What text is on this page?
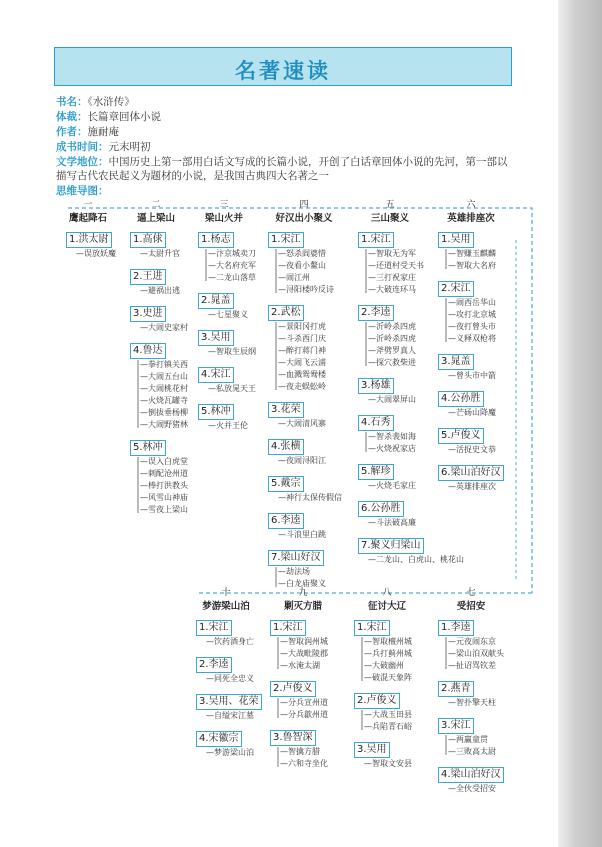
名著速读
书名：《水浒传》
体裁：长篇章回体小说
作者：施耐庵
成书时间：元末明初
文学地位：中国历史上第一部用白话文写成的长篇小说，开创了白话章回体小说的先河，第一部以描写古代农民起义为题材的小说，是我国古典四大名著之一
思维导图：
一
鹰起降石
1.洪太尉
—误放妖魔
二
逼上梁山
1.高俅
—太尉升官
2.王进
—避祸出逃
3.史进
—大闹史家村
4.鲁达
—拳打镇关西
—大闹五台山
—大闹桃花村
—火烧瓦罐寺
—倒拔垂杨柳
—大闹野猪林
5.林冲
—误入白虎堂
—刺配沧州道
—棒打洪教头
—风雪山神庙
—雪夜上梁山
三
梁山火并
1.杨志
—汴京城卖刀
—大名府充军
—二龙山落草
2.晁盖
—七星聚义
3.吴用
—智取生辰纲
4.宋江
—私放晁天王
5.林冲
—火并王伦
四
好汉出小聚义
1.宋江
—怒杀阎婆惜
—夜看小鳌山
—闹江州
—浔阳楼吟反诗
2.武松
—景阳冈打虎
—斗杀西门庆
—醉打蒋门神
—大闹飞云浦
—血溅鸳鸯楼
—夜走蜈蚣岭
3.花荣
—大闹清风寨
4.张横
—夜闹浔阳江
5.戴宗
—神行太保传假信
6.李逵
—斗浪里白跳
7.梁山好汉
—劫法场
—白龙庙聚义
五
三山聚义
1.宋江
—智取无为军
—还道村受天书
—三打祝家庄
—大破连环马
2.李逵
—沂岭杀四虎
—沂岭杀四虎
—斧劈罗真人
—探穴救柴进
3.杨雄
—大闹翠屏山
4.石秀
—智杀裴如海
—火烧祝家店
5.解珍
—火烧毛家庄
6.公孙胜
—斗法破高廉
7.聚义归梁山
—二龙山、白虎山、桃花山
六
英雄排座次
1.吴用
—智赚玉麒麟
—智取大名府
2.宋江
—闹西岳华山
—攻打北京城
—夜打曾头市
—义释双枪将
3.晁盖
—曾头市中箭
4.公孙胜
—芒砀山降魔
5.卢俊义
—活捉史文恭
6.梁山泊好汉
—英雄排座次
七
受招安
1.李逵
—元夜闹东京
—梁山泊双献头
—扯诏骂钦差
2.燕青
—智扑擎天柱
3.宋江
—两赢童贯
—三败高太尉
4.梁山泊好汉
—全伙受招安
八
征讨大辽
1.宋江
—智取檀州城
—兵打蓟州城
—大破幽州
—破混天象阵
2.卢俊义
—大战玉田县
—兵陷青石峪
3.吴用
—智取文安县
九
剿灭方腊
1.宋江
—智取润州城
—大战毗陵郡
—水淹太湖
2.卢俊义
—分兵宣州道
—分兵歙州道
3.鲁智深
—智擒方腊
—六和寺坐化
十
梦游梁山泊
1.宋江
—饮药酒身亡
2.李逵
—同死全忠义
3.吴用、花荣
—自缢宋江墓
4.宋徽宗
—梦游梁山泊
